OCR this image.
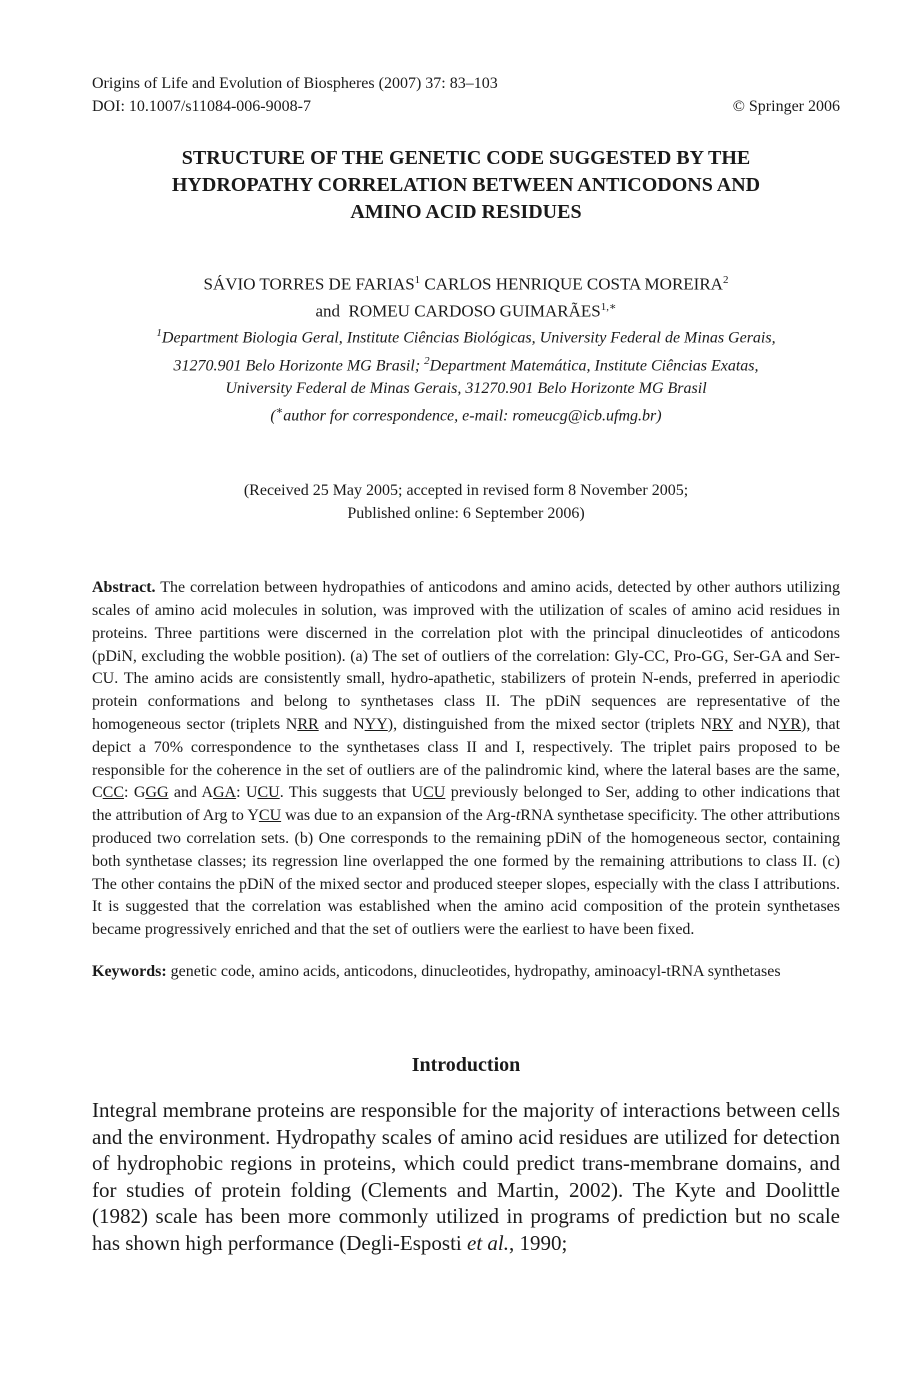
Origins of Life and Evolution of Biospheres (2007) 37: 83–103
DOI: 10.1007/s11084-006-9008-7	© Springer 2006
STRUCTURE OF THE GENETIC CODE SUGGESTED BY THE
HYDROPATHY CORRELATION BETWEEN ANTICODONS AND
AMINO ACID RESIDUES
SÁVIO TORRES DE FARIAS$^1$ CARLOS HENRIQUE COSTA MOREIRA$^2$
and ROMEU CARDOSO $GUIMARÃES^{1,∗}$
$^1$Department Biologia Geral, Institute Ciências Biológicas, University Federal de Minas Gerais,
31270.901 Belo Horizonte MG Brasil; $^2$Department Matemática, Institute Ciências Exatas,
University Federal de Minas Gerais, 31270.901 Belo Horizonte MG Brasil
(∗author for correspondence, e-mail: romeucg@icb.ufmg.br)
(Received 25 May 2005; accepted in revised form 8 November 2005;
Published online: 6 September 2006)

Abstract. The correlation between hydropathies of anticodons and amino acids, detected by other authors utilizing scales of amino acid molecules in solution, was improved with the utilization of scales of amino acid residues in proteins. Three partitions were discerned in the correlation plot with the principal dinucleotides of anticodons (pDiN, excluding the wobble position). (a) The set of outliers of the correlation: Gly-CC, Pro-GG, Ser-GA and Ser-CU. The amino acids are consistently small, hydro-apathetic, stabilizers of protein N-ends, preferred in aperiodic protein conformations and belong to synthetases class II. The pDiN sequences are representative of the homogeneous sector (triplets NRR and NYY), distinguished from the mixed sector (triplets NRY and NYR), that depict a 70% correspondence to the synthetases class II and I, respectively. The triplet pairs proposed to be responsible for the coherence in the set of outliers are of the palindromic kind, where the lateral bases are the same, CCC: GGG and AGA: UCU. This suggests that UCU previously belonged to Ser, adding to other indications that the attribution of Arg to YCU was due to an expansion of the Arg-tRNA synthetase specificity. The other attributions produced two correlation sets. (b) One corresponds to the remaining pDiN of the homogeneous sector, containing both synthetase classes; its regression line overlapped the one formed by the remaining attributions to class II. (c) The other contains the pDiN of the mixed sector and produced steeper slopes, especially with the class I attributions. It is suggested that the correlation was established when the amino acid composition of the protein synthetases became progressively enriched and that the set of outliers were the earliest to have been fixed.

Keywords: genetic code, amino acids, anticodons, dinucleotides, hydropathy, aminoacyl-tRNA synthetases
Introduction
Integral membrane proteins are responsible for the majority of interactions between cells and the environment. Hydropathy scales of amino acid residues are utilized for detection of hydrophobic regions in proteins, which could predict trans-membrane domains, and for studies of protein folding (Clements and Martin, 2002). The Kyte and Doolittle (1982) scale has been more commonly utilized in programs of prediction but no scale has shown high performance (Degli-Esposti et al., 1990;
